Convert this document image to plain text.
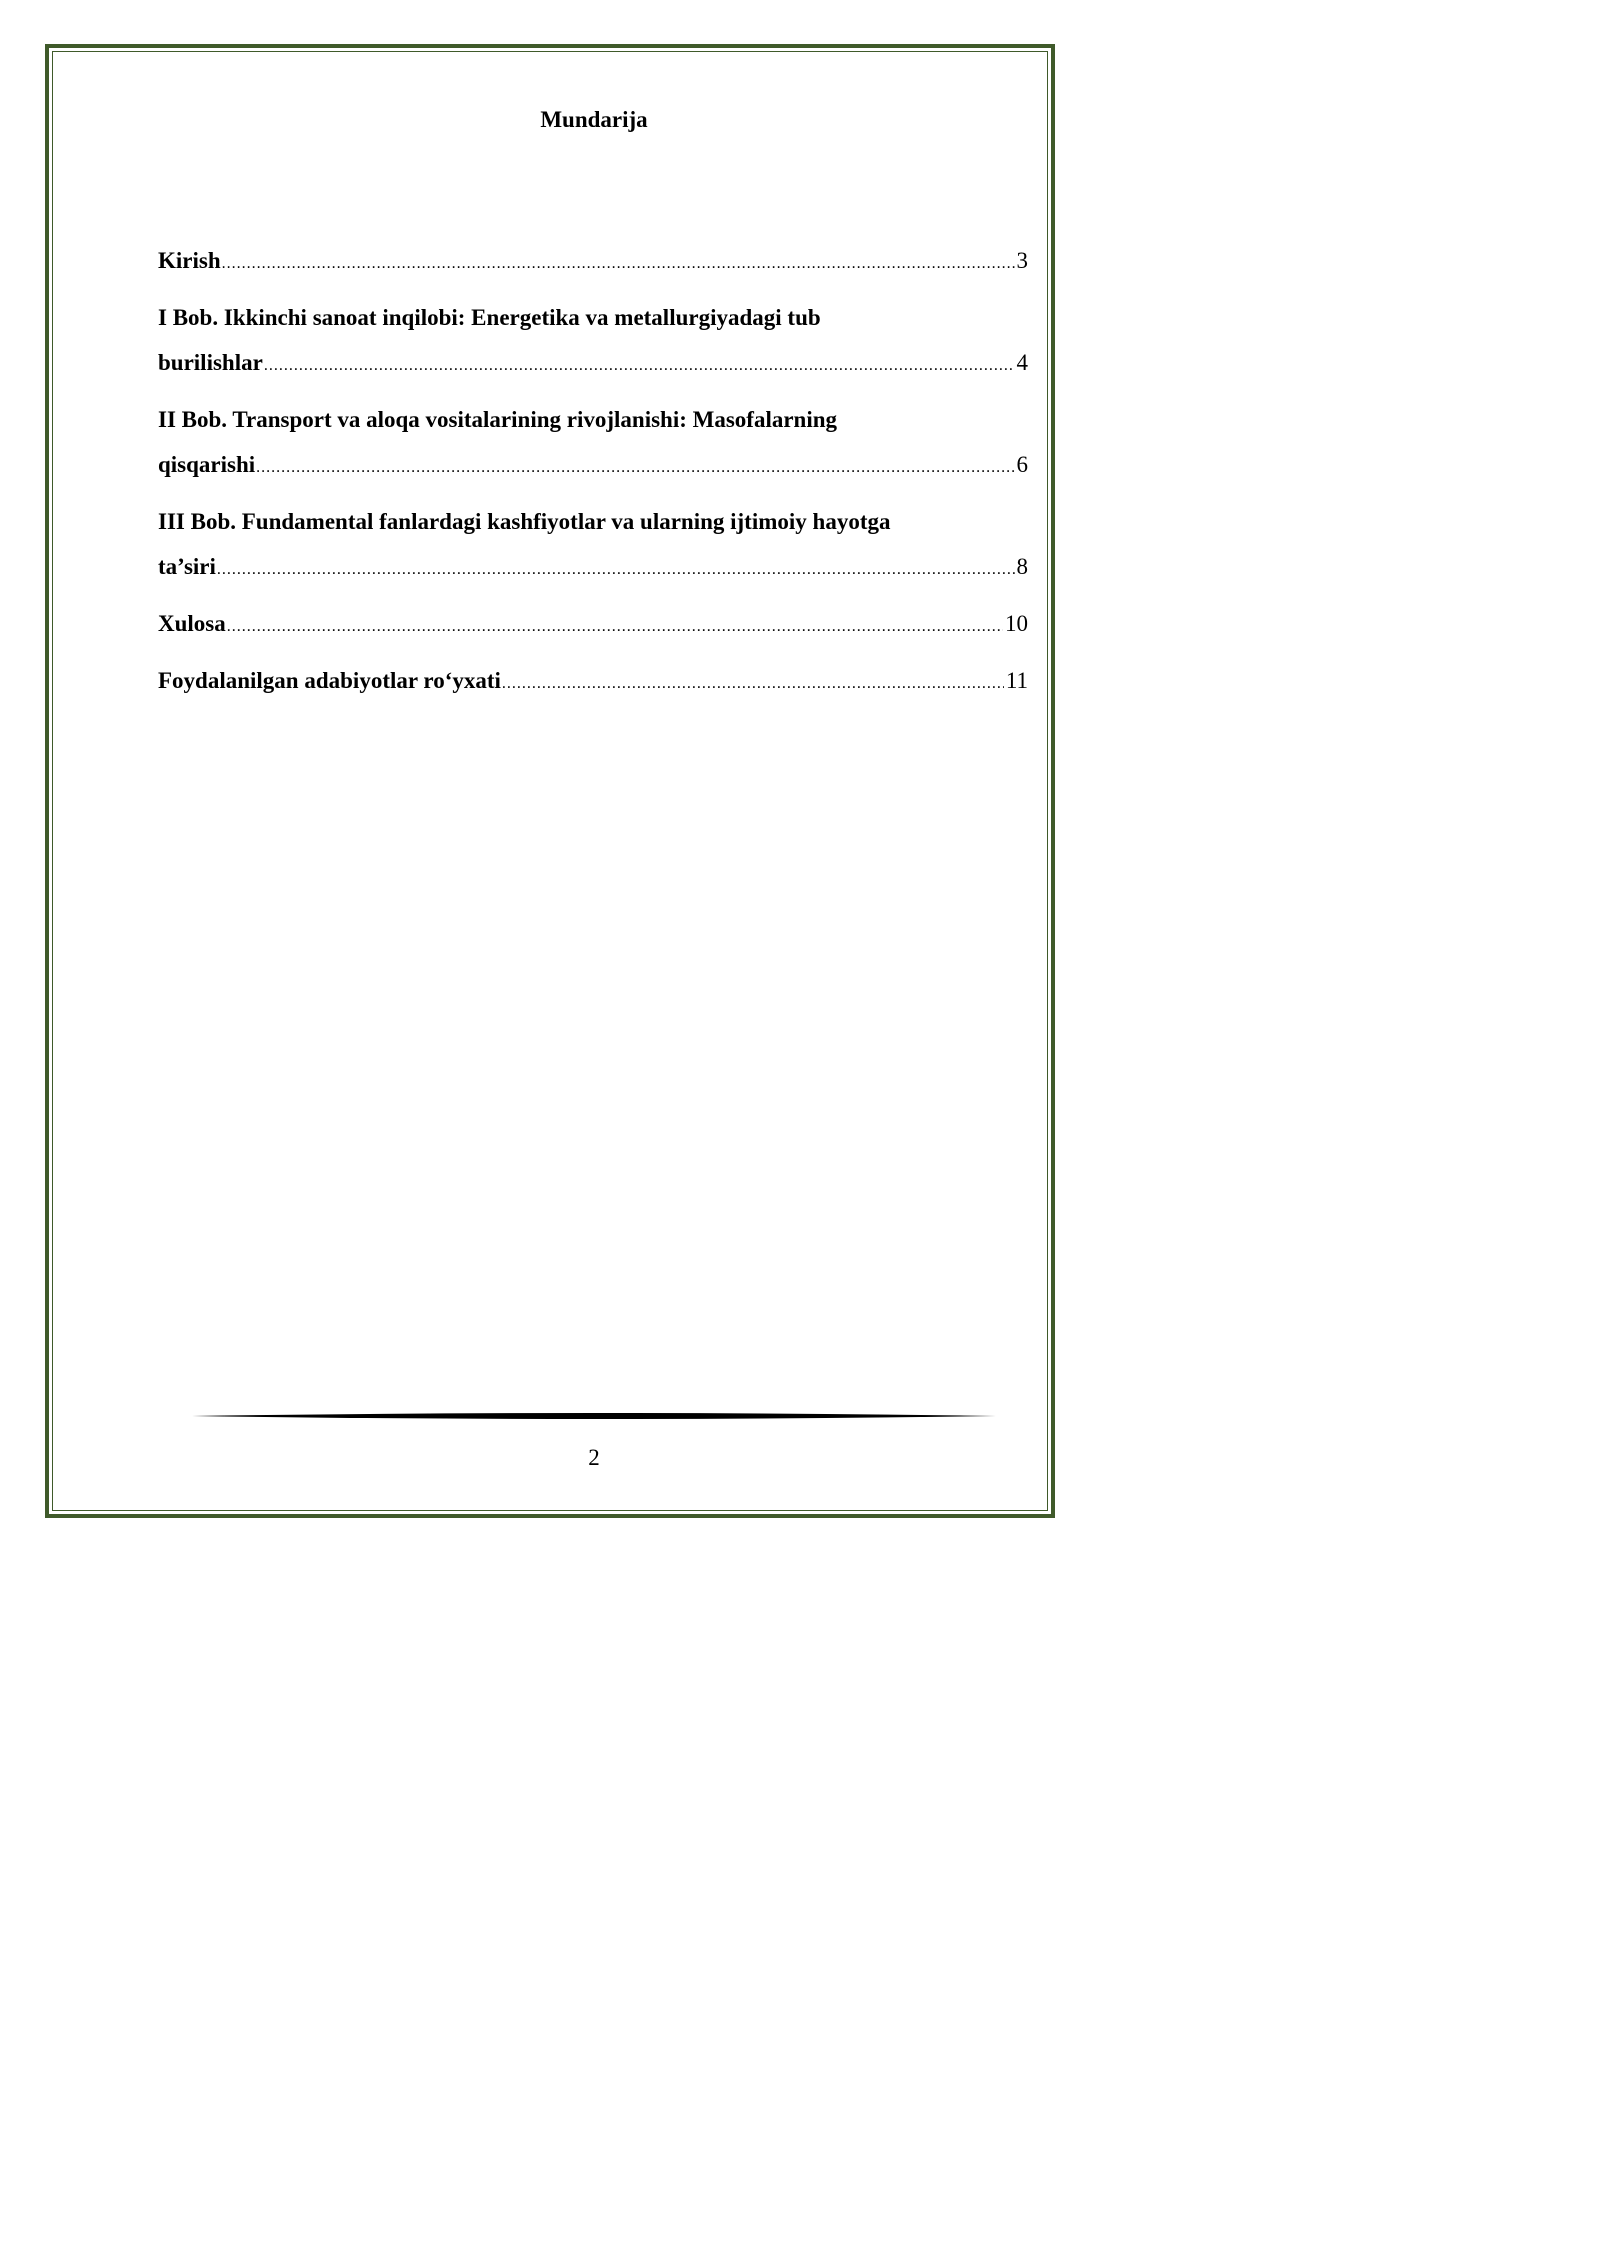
Mundarija
Kirish .....	3
I Bob. Ikkinchi sanoat inqilobi: Energetika va metallurgiyadagi tub
burilishlar .....	4
II Bob. Transport va aloqa vositalarining rivojlanishi: Masofalarning
qisqarishi .....	6
III Bob. Fundamental fanlardagi kashfiyotlar va ularning ijtimoiy hayotga
ta’siri .....	8
Xulosa .....	10
Foydalanilgan adabiyotlar ro‘yxati .....	11
2
